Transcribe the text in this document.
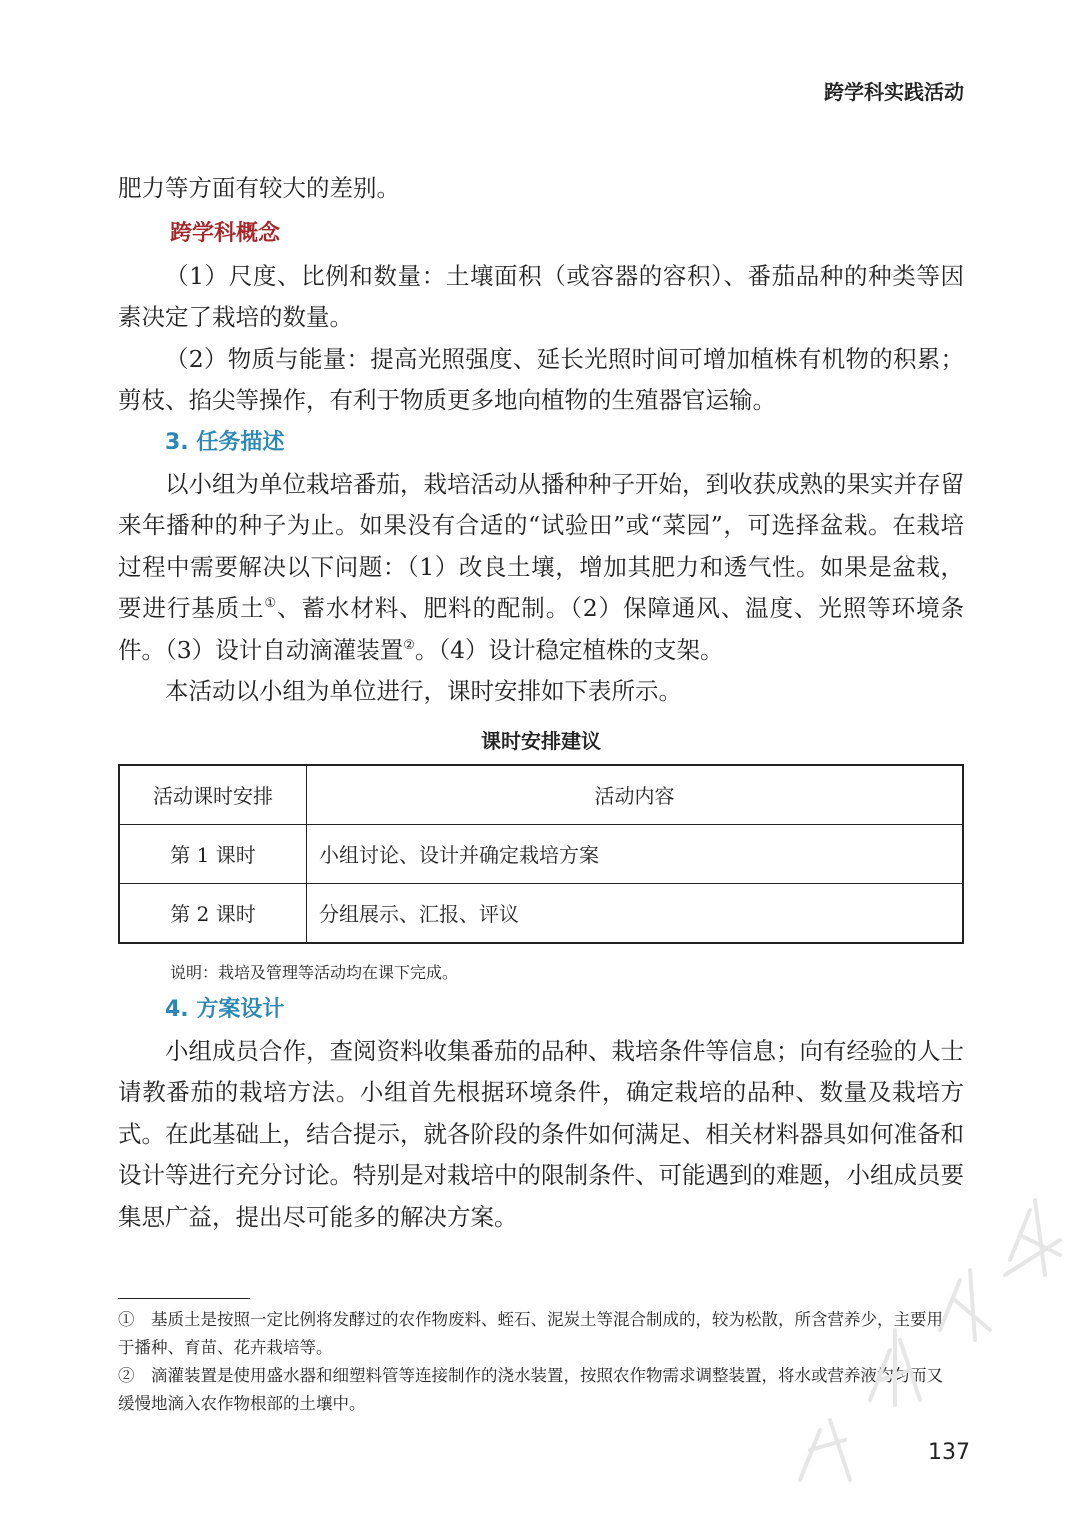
跨学科实践活动

肥力等方面有较大的差别。

跨学科概念

（1）尺度、比例和数量：土壤面积（或容器的容积）、番茄品种的种类等因素决定了栽培的数量。

（2）物质与能量：提高光照强度、延长光照时间可增加植株有机物的积累；剪枝、掐尖等操作，有利于物质更多地向植物的生殖器官运输。

3. 任务描述

以小组为单位栽培番茄，栽培活动从播种种子开始，到收获成熟的果实并存留来年播种的种子为止。如果没有合适的“试验田”或“菜园”，可选择盆栽。在栽培过程中需要解决以下问题：（1）改良土壤，增加其肥力和透气性。如果是盆栽，要进行基质土①、蓄水材料、肥料的配制。（2）保障通风、温度、光照等环境条件。（3）设计自动滴灌装置②。（4）设计稳定植株的支架。

本活动以小组为单位进行，课时安排如下表所示。

课时安排建议
活动课时安排	活动内容
第 1 课时	小组讨论、设计并确定栽培方案
第 2 课时	分组展示、汇报、评议
说明：栽培及管理等活动均在课下完成。
4. 方案设计

小组成员合作，查阅资料收集番茄的品种、栽培条件等信息；向有经验的人士请教番茄的栽培方法。小组首先根据环境条件，确定栽培的品种、数量及栽培方式。在此基础上，结合提示，就各阶段的条件如何满足、相关材料器具如何准备和设计等进行充分讨论。特别是对栽培中的限制条件、可能遇到的难题，小组成员要集思广益，提出尽可能多的解决方案。

①　基质土是按照一定比例将发酵过的农作物废料、蛭石、泥炭土等混合制成的，较为松散，所含营养少，主要用于播种、育苗、花卉栽培等。

②　滴灌装置是使用盛水器和细塑料管等连接制作的浇水装置，按照农作物需求调整装置，将水或营养液均匀而又缓慢地滴入农作物根部的土壤中。

137
